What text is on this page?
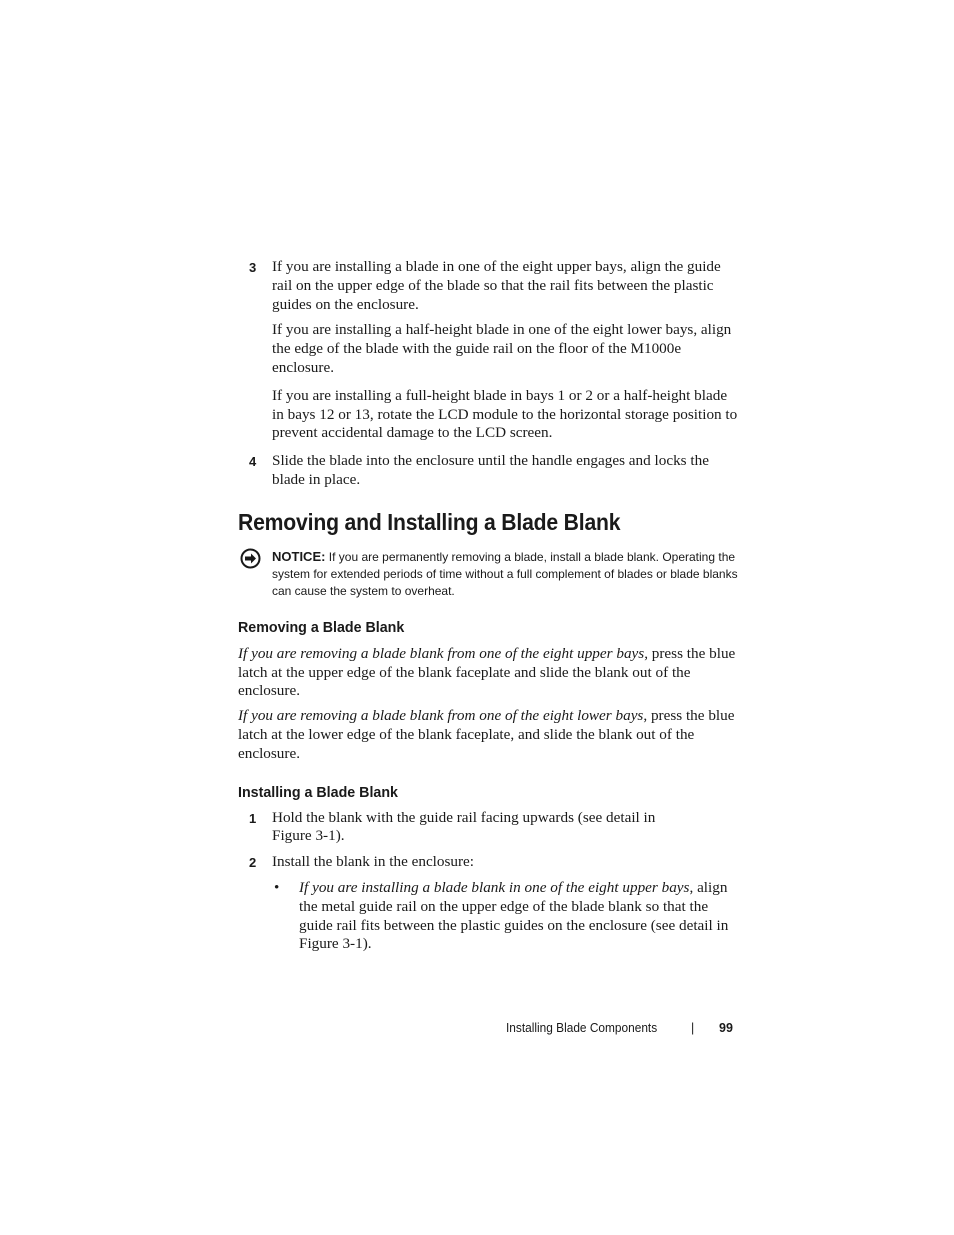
3 If you are installing a blade in one of the eight upper bays, align the guide rail on the upper edge of the blade so that the rail fits between the plastic guides on the enclosure.

If you are installing a half-height blade in one of the eight lower bays, align the edge of the blade with the guide rail on the floor of the M1000e enclosure.

If you are installing a full-height blade in bays 1 or 2 or a half-height blade in bays 12 or 13, rotate the LCD module to the horizontal storage position to prevent accidental damage to the LCD screen.

4 Slide the blade into the enclosure until the handle engages and locks the blade in place.

Removing and Installing a Blade Blank
NOTICE: If you are permanently removing a blade, install a blade blank. Operating the system for extended periods of time without a full complement of blades or blade blanks can cause the system to overheat.
Removing a Blade Blank

If you are removing a blade blank from one of the eight upper bays, press the blue latch at the upper edge of the blank faceplate and slide the blank out of the enclosure.

If you are removing a blade blank from one of the eight lower bays, press the blue latch at the lower edge of the blank faceplate, and slide the blank out of the enclosure.

Installing a Blade Blank
1 Hold the blank with the guide rail facing upwards (see detail in Figure 3-1).

2 Install the blank in the enclosure:

• If you are installing a blade blank in one of the eight upper bays, align the metal guide rail on the upper edge of the blade blank so that the guide rail fits between the plastic guides on the enclosure (see detail in Figure 3-1).

Installing Blade Components	| 99
